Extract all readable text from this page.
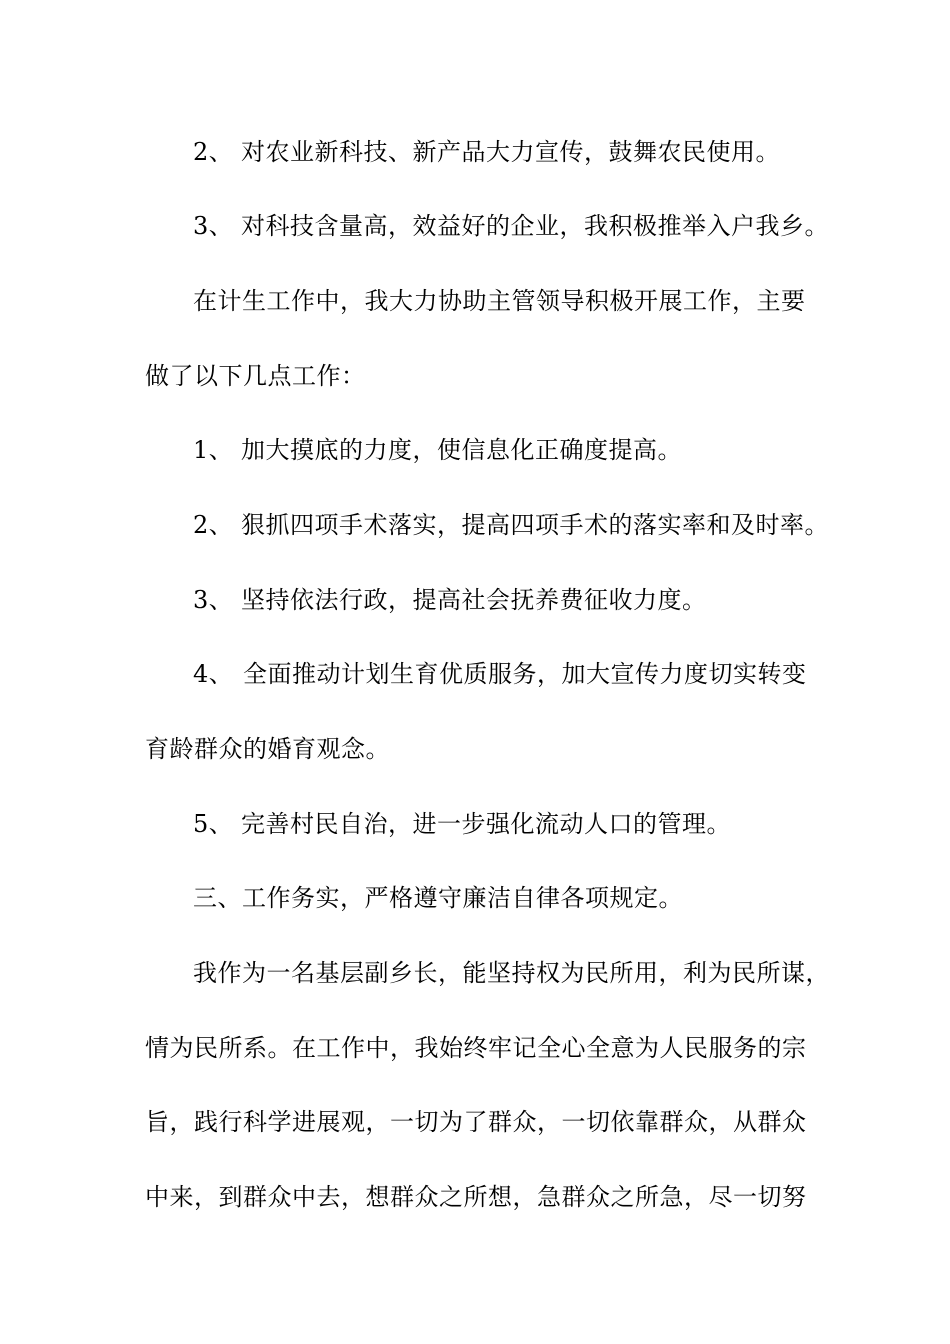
2、 对农业新科技、新产品大力宣传，鼓舞农民使用。
3、 对科技含量高，效益好的企业，我积极推举入户我乡。
在计生工作中，我大力协助主管领导积极开展工作，主要
做了以下几点工作：
1、 加大摸底的力度，使信息化正确度提高。
2、 狠抓四项手术落实，提高四项手术的落实率和及时率。
3、 坚持依法行政，提高社会抚养费征收力度。
4、 全面推动计划生育优质服务，加大宣传力度切实转变
育龄群众的婚育观念。
5、 完善村民自治，进一步强化流动人口的管理。
三、工作务实，严格遵守廉洁自律各项规定。
我作为一名基层副乡长，能坚持权为民所用，利为民所谋，
情为民所系。在工作中，我始终牢记全心全意为人民服务的宗
旨，践行科学进展观，一切为了群众，一切依靠群众，从群众
中来，到群众中去，想群众之所想，急群众之所急，尽一切努
